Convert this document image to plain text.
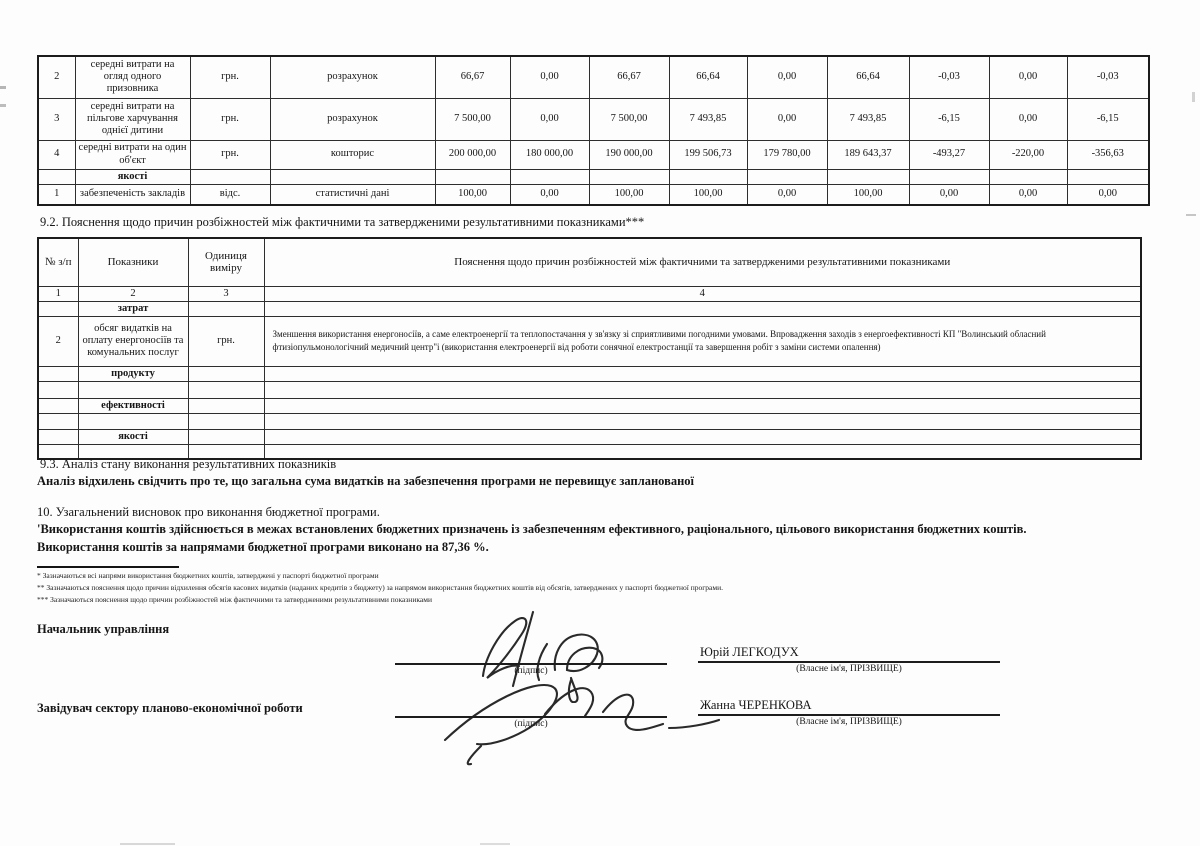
2	середні витрати на огляд одного призовника	грн.	розрахунок	66,67	0,00	66,67	66,64	0,00	66,64	-0,03	0,00	-0,03
3	середні витрати на пільгове харчування однієї дитини	грн.	розрахунок	7 500,00	0,00	7 500,00	7 493,85	0,00	7 493,85	-6,15	0,00	-6,15
4	середні витрати на один об'єкт	грн.	кошторис	200 000,00	180 000,00	190 000,00	199 506,73	179 780,00	189 643,37	-493,27	-220,00	-356,63
	якості											
1	забезпеченість закладів	відс.	статистичні дані	100,00	0,00	100,00	100,00	0,00	100,00	0,00	0,00	0,00
9.2. Пояснення щодо причин розбіжностей між фактичними та затвердженими результативними показниками***
№ з/п	Показники	Одиниця виміру	Пояснення щодо причин розбіжностей між фактичними та затвердженими результативними показниками
1	2	3	4
	затрат		
2	обсяг видатків на оплату енергоносіїв та комунальних послуг	грн.	Зменшення використання енергоносіїв, а саме електроенергії та теплопостачання у зв'язку зі сприятливими погодними умовами. Впровадження заходів з енергоефективності КП "Волинський обласний фтизіопульмонологічний медичний центр"і (використання електроенергії від роботи сонячної електростанції та завершення робіт з заміни системи опалення)
	продукту		

	ефективності		

	якості		

9.3. Аналіз стану виконання результативних показників
Аналіз відхилень свідчить про те, що загальна сума видатків на забезпечення програми не перевищує запланованої
10. Узагальнений висновок про виконання бюджетної програми.
'Використання коштів здійснюється в межах встановлених бюджетних призначень із забезпеченням ефективного, раціонального, цільового використання бюджетних коштів.
Використання коштів за напрямами бюджетної програми виконано на 87,36 %.
* Зазначаються всі напрями використання бюджетних коштів, затверджені у паспорті бюджетної програми
** Зазначаються пояснення щодо причин відхилення обсягів касових видатків (наданих кредитів з бюджету) за напрямом використання бюджетних коштів від обсягів, затверджених у паспорті бюджетної програми.
*** Зазначаються пояснення щодо причин розбіжностей між фактичними та затвердженими результативними показниками
Начальник управління
(підпис)
Юрій ЛЕГКОДУХ
(Власне ім'я, ПРІЗВИЩЕ)
Завідувач сектору планово-економічної роботи
(підпис)
Жанна ЧЕРЕНКОВА
(Власне ім'я, ПРІЗВИЩЕ)
